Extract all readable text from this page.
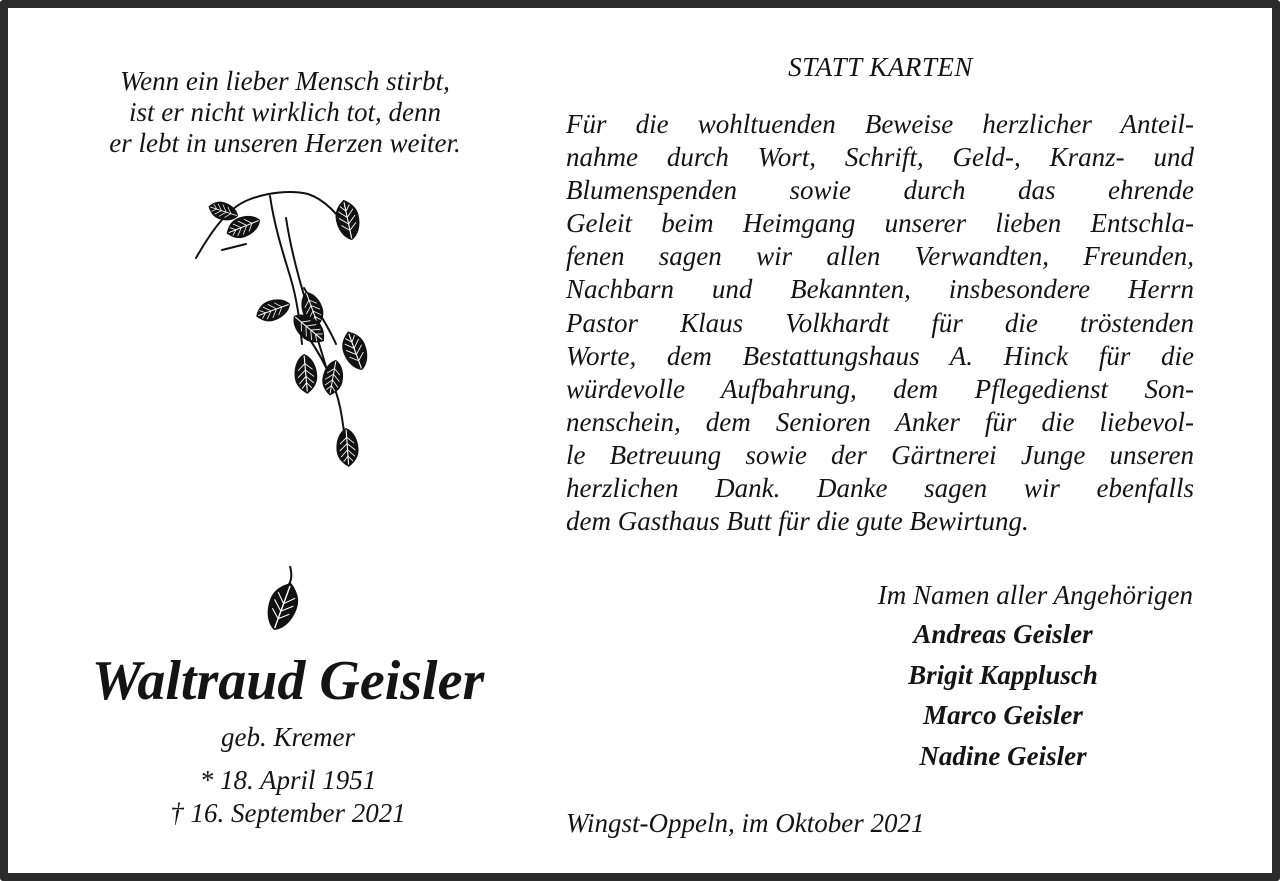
Wenn ein lieber Mensch stirbt,
ist er nicht wirklich tot, denn
er lebt in unseren Herzen weiter.
Waltraud Geisler
geb. Kremer
* 18. April 1951
† 16. September 2021
STATT KARTEN
Für die wohltuenden Beweise herzlicher Anteil-
nahme durch Wort, Schrift, Geld-, Kranz- und
Blumenspenden sowie durch das ehrende
Geleit beim Heimgang unserer lieben Entschla-
fenen sagen wir allen Verwandten, Freunden,
Nachbarn und Bekannten, insbesondere Herrn
Pastor Klaus Volkhardt für die tröstenden
Worte, dem Bestattungshaus A. Hinck für die
würdevolle Aufbahrung, dem Pflegedienst Son-
nenschein, dem Senioren Anker für die liebevol-
le Betreuung sowie der Gärtnerei Junge unseren
herzlichen Dank. Danke sagen wir ebenfalls
dem Gasthaus Butt für die gute Bewirtung.
Im Namen aller Angehörigen
Andreas Geisler
Brigit Kapplusch
Marco Geisler
Nadine Geisler
Wingst-Oppeln, im Oktober 2021
